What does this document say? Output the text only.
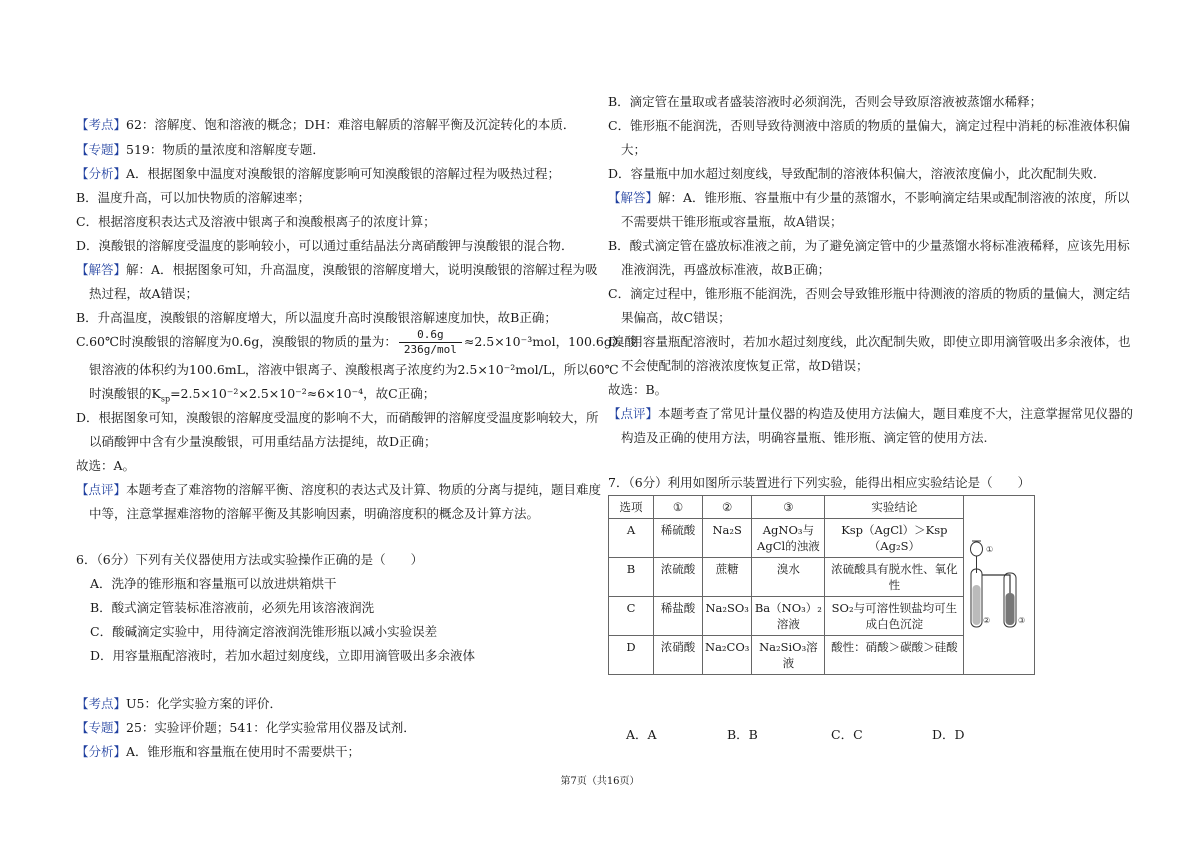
【考点】62：溶解度、饱和溶液的概念；DH：难溶电解质的溶解平衡及沉淀转化的本质．
【专题】519：物质的量浓度和溶解度专题．
【分析】A．根据图象中温度对溴酸银的溶解度影响可知溴酸银的溶解过程为吸热过程；
B．温度升高，可以加快物质的溶解速率；
C．根据溶度积表达式及溶液中银离子和溴酸根离子的浓度计算；
D．溴酸银的溶解度受温度的影响较小，可以通过重结晶法分离硝酸钾与溴酸银的混合物．
【解答】解：A．根据图象可知，升高温度，溴酸银的溶解度增大，说明溴酸银的溶解过程为吸
热过程，故A错误；
B．升高温度，溴酸银的溶解度增大，所以温度升高时溴酸银溶解速度加快，故B正确；
C.60℃时溴酸银的溶解度为0.6g，溴酸银的物质的量为： $\frac{0.6g}{\text{236g/mol}} \approx 2.5\times 10^{-3}mol$，100.6g溴酸
银溶液的体积约为100.6mL，溶液中银离子、溴酸根离子浓度约为2.5×10⁻²mol/L，所以60℃
时溴酸银的$K_{sp}=2.5\times 10^{-2}\times 2.5\times 10^{-2}\approx 6\times 10^{-4}$，故C正确；
D．根据图象可知，溴酸银的溶解度受温度的影响不大，而硝酸钾的溶解度受温度影响较大，所
以硝酸钾中含有少量溴酸银，可用重结晶方法提纯，故D正确；
故选：A。
【点评】本题考查了难溶物的溶解平衡、溶度积的表达式及计算、物质的分离与提纯，题目难度
中等，注意掌握难溶物的溶解平衡及其影响因素，明确溶度积的概念及计算方法。
6．（6分）下列有关仪器使用方法或实验操作正确的是（　　）
A．洗净的锥形瓶和容量瓶可以放进烘箱烘干
B．酸式滴定管装标准溶液前，必须先用该溶液润洗
C．酸碱滴定实验中，用待滴定溶液润洗锥形瓶以减小实验误差
D．用容量瓶配溶液时，若加水超过刻度线，立即用滴管吸出多余液体
【考点】U5：化学实验方案的评价．
【专题】25：实验评价题；541：化学实验常用仪器及试剂．
【分析】A．锥形瓶和容量瓶在使用时不需要烘干；
B．滴定管在量取或者盛装溶液时必须润洗，否则会导致原溶液被蒸馏水稀释；
C．锥形瓶不能润洗，否则导致待测液中溶质的物质的量偏大，滴定过程中消耗的标准液体积偏
大；
D．容量瓶中加水超过刻度线，导致配制的溶液体积偏大，溶液浓度偏小，此次配制失败．
【解答】解：A．锥形瓶、容量瓶中有少量的蒸馏水，不影响滴定结果或配制溶液的浓度，所以
不需要烘干锥形瓶或容量瓶，故A错误；
B．酸式滴定管在盛放标准液之前，为了避免滴定管中的少量蒸馏水将标准液稀释，应该先用标
准液润洗，再盛放标准液，故B正确；
C．滴定过程中，锥形瓶不能润洗，否则会导致锥形瓶中待测液的溶质的物质的量偏大，测定结
果偏高，故C错误；
D．用容量瓶配溶液时，若加水超过刻度线，此次配制失败，即使立即用滴管吸出多余液体，也
不会使配制的溶液浓度恢复正常，故D错误；
故选：B。
【点评】本题考查了常见计量仪器的构造及使用方法偏大，题目难度不大，注意掌握常见仪器的
构造及正确的使用方法，明确容量瓶、锥形瓶、滴定管的使用方法.
7．（6分）利用如图所示装置进行下列实验，能得出相应实验结论是（　　）
选项	①	②	③	实验结论	①
② ③

A	稀硫酸	Na₂S	AgNO₃与AgCl的浊液	Ksp（AgCl）＞Ksp（Ag₂S）	
B	浓硫酸	蔗糖	溴水	浓硫酸具有脱水性、氧化性	
C	稀盐酸	Na₂SO₃	Ba（NO₃）₂溶液	SO₂与可溶性钡盐均可生成白色沉淀	
D	浓硝酸	Na₂CO₃	Na₂SiO₃溶液	酸性：硝酸＞碳酸＞硅酸	
A．A	B．B	C．C	D．D
第7页（共16页）
